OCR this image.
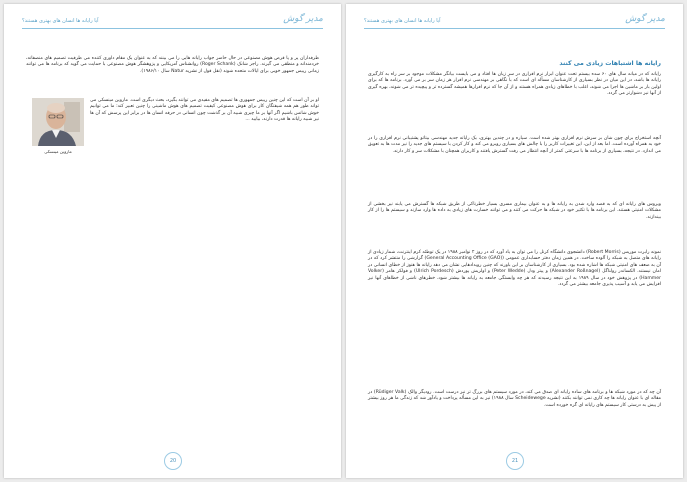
مدیر گوش
آیا رایانه ها انسان های بهتری هستند؟
طرفداران پر و پا قرص هوش مصنوعی در حال حاضر جواب رایانه هایی را می بینند که به عنوان یک مقام داوری کننده می طرفیت تصمیم های منصفانه، خردمندانه و منطقی می گیرند. راجر شانک (Roger Schank) روانشناس آمریکایی و پژوهشگر هوش مصنوعی با حمایت می گوید که برنامه ها می توانند زمانی رییس جمهور خوبی برای ایالات متحده شوند (نقل قول از نشریه Natur سال ۱۹۸۶/۱۰).
ماروین مینسکی
او بر آن است که این چنین رییس جمهوری ها تصمیم های مفیدی می توانند بگیرد، بحث دیگری است. ماروین مینسکی می تواند طور هم همه شیفتگان کار برای هوش مصنوعی کیفیت تصمیم های هوش ماشینی را چنین تعبیر کند: ما می توانیم خوش شانس باشیم اگر آنها بر ما چیزی شبیه آن بر گذشت چون انسانی در حرفه انسان ها در برابر این پرسش که آن ها نیز شبیه رایانه ها قدرت دارند، بیایید ...
20
مدیر گوش
آیا رایانه ها انسان های بهتری هستند؟
رایانه ها اشتباهات زیادی می کنند
رایانه که در میانه سال های ۶۰ سده بیستم تحت عنوان ابزار نرم افزاری در سرِ زبان ها افتاد و می بایست بیانگر مشکلات موجود بر سر راه به کارگیری رایانه ها باشد، در این میان در نظر بسیاری از کارشناسان مسأله ای است که با نگاهی بر مهندسی نرم افزار هر زمان سر بر می آورد. برنامه ها که برای اولین بار بر ماشین ها اجرا می شوند، اغلب با خطاهای زیادی همراه هستند و از آن جا که نرم افزارها همیشه گسترده تر و پیچیده تر می شوند، بهره گیری از آنها نیز دشوارتر می گردد.
آنچه استخراج برای چون شان بر سرش نرم افزاری بهتر شده است. سیاره و در چندین بهتری، یک رایانه جدید مهندسی بیتاتو پشتیبانی نرم افزاری را در خود به همراه آورده است. اما بعد از این، این تغییرات کاربر را با چالش های بسیاری روبرو می کند و کار کردن با سیستم های جدید را نیز مدت ها به تعویق می اندازد. در نتیجه، بسیاری از برنامه ها با سرعتی کمتر از آنچه انتظار می رفت گسترش یافتند و کاربران همچنان با مشکلات سر و کار دارند.
ویروس های رایانه ای که به قصد وارد شدن به رایانه ها و به عنوان بیماری مسری بسیار خطرناکی از طریق شبکه ها گسترش می یابند نیز بخشی از مشکلات امنیتی هستند. این برنامه ها با تکثیر خود در شبکه ها حرکت می کنند و می توانند خسارت های زیادی به داده ها وارد سازند و سیستم ها را از کار بیندازند.
نمونه رابرت موریس (Robert Morris) دانشجوی دانشگاه کرنل را می توان به یاد آورد که در روز ۲ نوامبر ۱۹۸۸ در یک توطئه کرم اینترنت، شمار زیادی از رایانه های متصل به شبکه را آلوده ساخت. در همین زمان دفتر حسابداری عمومی (General Accounting Office (GAO)) گزارشی را منتشر کرد که در آن به ضعف های امنیتی شبکه ها اشاره شده بود. بسیاری از کارشناسان بر این باورند که چنین رویدادهایی نشان می دهد رایانه ها هنوز از خطای انسانی در امان نیستند. الکساندر رولناگل (Alexander Roßnagel) و پیتر ودل (Peter Wedde) و اولریش پوردش (Ulrich Pordesch) و فولکر هامر (Volker Hammer) در پژوهش خود در سال ۱۹۸۹ به این نتیجه رسیدند که هر چه وابستگی جامعه به رایانه ها بیشتر شود، خطرهای ناشی از خطاهای آنها نیز افزایش می یابد و آسیب پذیری جامعه بیشتر می گردد.
آن چه که در مورد شبکه ها و برنامه های ساده رایانه ای صدق می کند، در مورد سیستم های بزرگ تر نیز درست است. رودیگر والک (Rüdiger Valk) در مقاله ای با عنوان رایانه ها چه کاری نمی توانند بکنند (نشریه Scheidewege سال ۱۹۸۸) نیز به این مسأله پرداخت و یادآور شد که زندگی ما هر روز بیشتر از پیش به درستی کار سیستم های رایانه ای گره خورده است.
21
